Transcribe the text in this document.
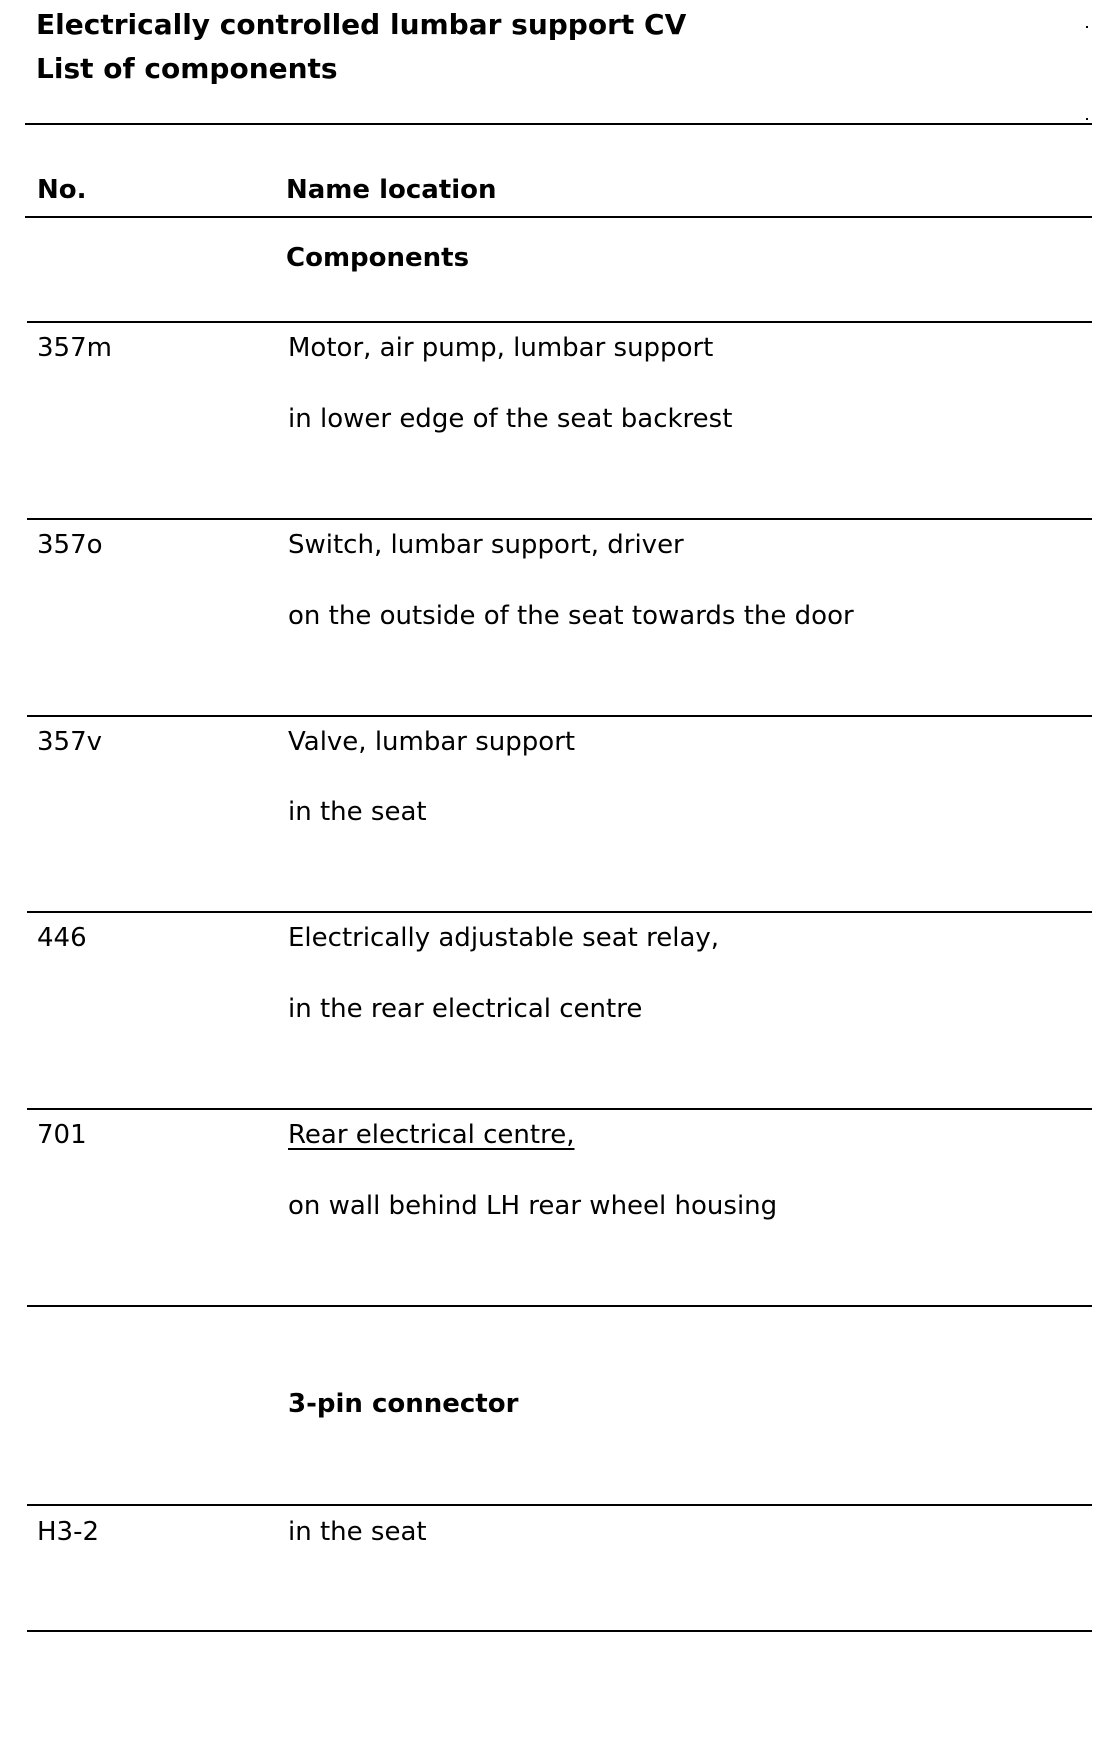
Electrically controlled lumbar support CV
List of components
No.	Name location
Components
357m	Motor, air pump, lumbar support
in lower edge of the seat backrest
357o	Switch, lumbar support, driver
on the outside of the seat towards the door
357v	Valve, lumbar support
in the seat
446	Electrically adjustable seat relay,
in the rear electrical centre
701	Rear electrical centre,
on wall behind LH rear wheel housing
3-pin connector
H3-2	in the seat
